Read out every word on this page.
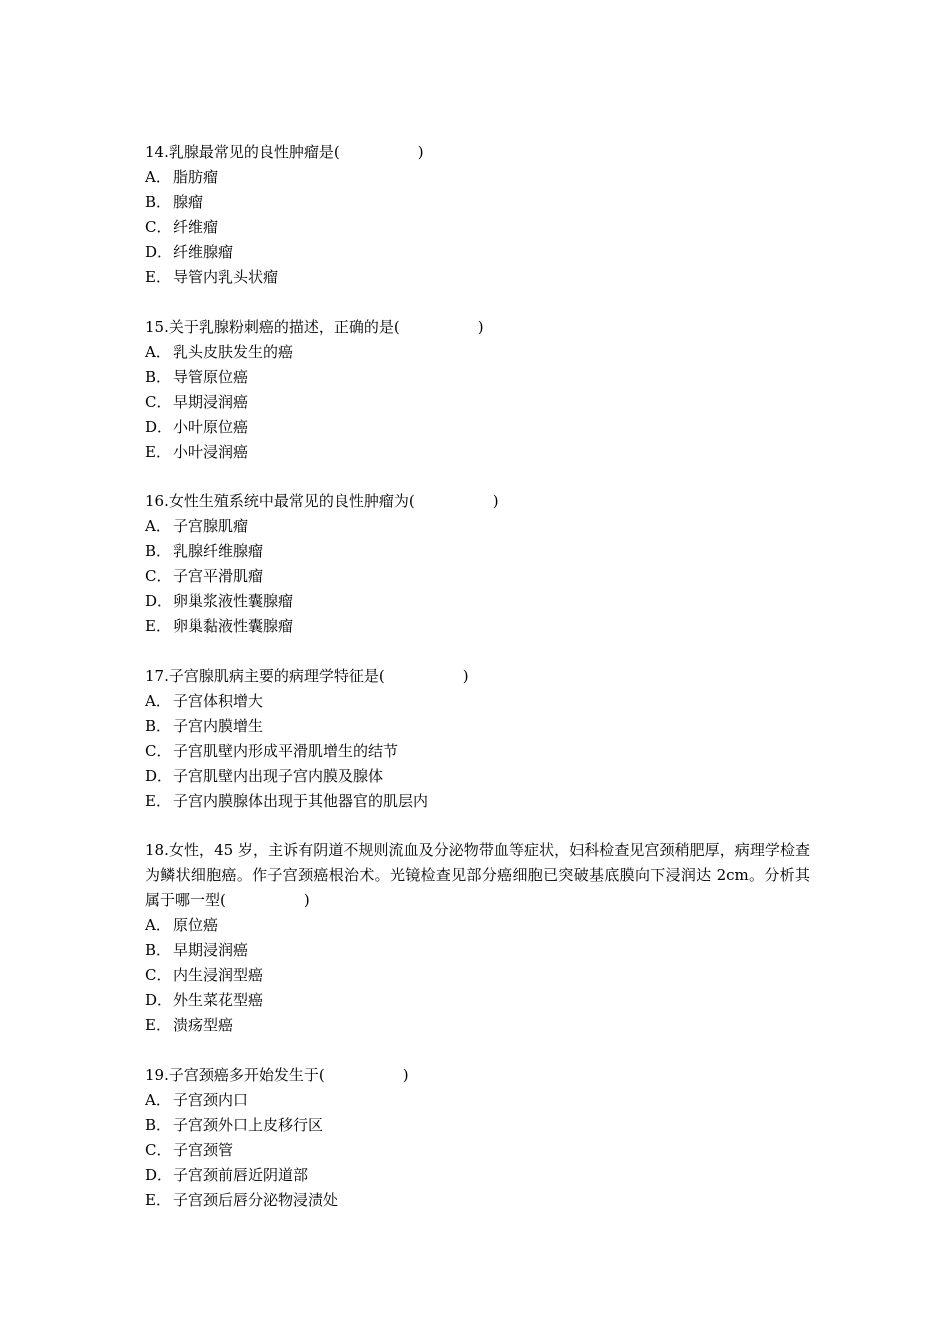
14.乳腺最常见的良性肿瘤是(	)

A． 脂肪瘤

B． 腺瘤

C． 纤维瘤

D．纤维腺瘤

E． 导管内乳头状瘤

15.关于乳腺粉刺癌的描述，正确的是(	)

A． 乳头皮肤发生的癌

B． 导管原位癌

C． 早期浸润癌

D．小叶原位癌

E． 小叶浸润癌

16.女性生殖系统中最常见的良性肿瘤为(	)

A． 子宫腺肌瘤

B． 乳腺纤维腺瘤

C． 子宫平滑肌瘤

D．卵巢浆液性囊腺瘤

E． 卵巢黏液性囊腺瘤

17.子宫腺肌病主要的病理学特征是(	)

A． 子宫体积增大

B． 子宫内膜增生

C． 子宫肌壁内形成平滑肌增生的结节

D．子宫肌壁内出现子宫内膜及腺体

E． 子宫内膜腺体出现于其他器官的肌层内

18.女性，45 岁，主诉有阴道不规则流血及分泌物带血等症状，妇科检查见宫颈稍肥厚，病理学检查为鳞状细胞癌。作子宫颈癌根治术。光镜检查见部分癌细胞已突破基底膜向下浸润达 2cm。分析其属于哪一型(	)

A． 原位癌

B． 早期浸润癌

C． 内生浸润型癌

D．外生菜花型癌

E． 溃疡型癌

19.子宫颈癌多开始发生于(	)

A． 子宫颈内口

B． 子宫颈外口上皮移行区

C． 子宫颈管

D．子宫颈前唇近阴道部

E． 子宫颈后唇分泌物浸渍处
